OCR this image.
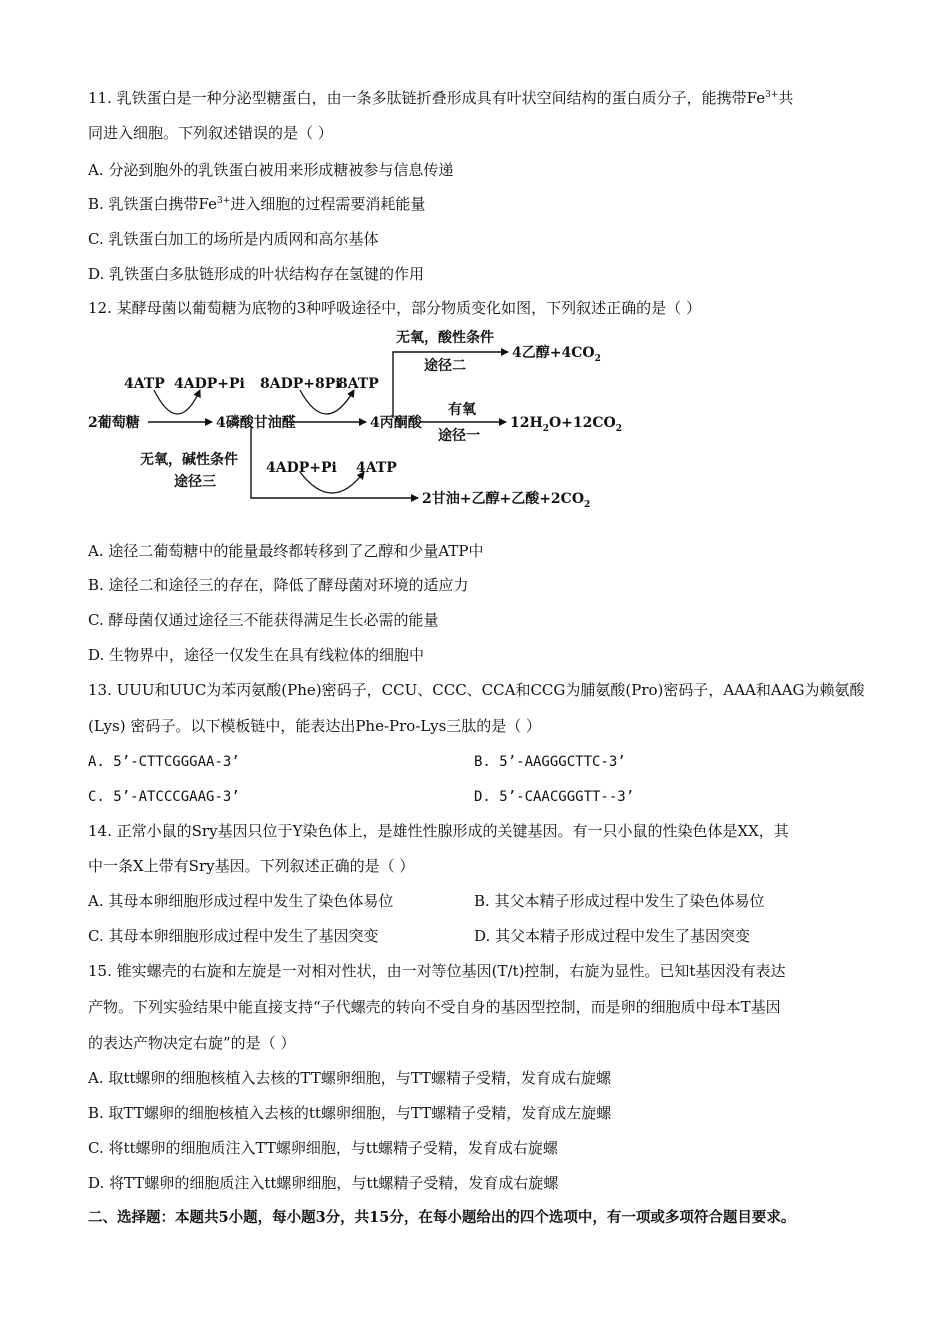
11. 乳铁蛋白是一种分泌型糖蛋白，由一条多肽链折叠形成具有叶状空间结构的蛋白质分子，能携带$Fe^{3+}$共
同进入细胞。下列叙述错误的是（ ）
A. 分泌到胞外的乳铁蛋白被用来形成糖被参与信息传递
B. 乳铁蛋白携带$Fe^{3+}$进入细胞的过程需要消耗能量
C. 乳铁蛋白加工的场所是内质网和高尔基体
D. 乳铁蛋白多肽链形成的叶状结构存在氢键的作用
12. 某酵母菌以葡萄糖为底物的3种呼吸途径中，部分物质变化如图，下列叙述正确的是（ ）
2葡萄糖	4磷酸甘油醛	4丙酮酸
4ATP 4ADP+Pi 8ADP+8Pi
8ATP
无氧，酸性条件
途径二
4乙醇$+4CO_2$
有氧
途径一
$12H_2O+12CO_2$
无氧，碱性条件
途径三
4ADP+Pi 4ATP
2甘油+乙醇+乙酸$+2CO_2$
A. 途径二葡萄糖中的能量最终都转移到了乙醇和少量ATP中
B. 途径二和途径三的存在，降低了酵母菌对环境的适应力
C. 酵母菌仅通过途径三不能获得满足生长必需的能量
D. 生物界中，途径一仅发生在具有线粒体的细胞中
13. UUU和UUC为苯丙氨酸(Phe)密码子，CCU、CCC、CCA和CCG为脯氨酸(Pro)密码子，AAA和AAG为赖氨酸
(Lys) 密码子。以下模板链中，能表达出Phe-Pro-Lys三肽的是（ ）
A. 5’-CTTCGGGAA-3’	B. 5’-AAGGGCTTC-3’
C. 5’-ATCCCGAAG-3’	D. 5’-CAACGGGTT--3’
14. 正常小鼠的Sry基因只位于Y染色体上，是雄性性腺形成的关键基因。有一只小鼠的性染色体是XX，其
中一条X上带有Sry基因。下列叙述正确的是（ ）
A. 其母本卵细胞形成过程中发生了染色体易位	B. 其父本精子形成过程中发生了染色体易位
C. 其母本卵细胞形成过程中发生了基因突变	D. 其父本精子形成过程中发生了基因突变
15. 锥实螺壳的右旋和左旋是一对相对性状，由一对等位基因(T/t)控制，右旋为显性。已知t基因没有表达
产物。下列实验结果中能直接支持“子代螺壳的转向不受自身的基因型控制，而是卵的细胞质中母本T基因
的表达产物决定右旋”的是（ ）
A. 取tt螺卵的细胞核植入去核的TT螺卵细胞，与TT螺精子受精，发育成右旋螺
B. 取TT螺卵的细胞核植入去核的tt螺卵细胞，与TT螺精子受精，发育成左旋螺
C. 将tt螺卵的细胞质注入TT螺卵细胞，与tt螺精子受精，发育成右旋螺
D. 将TT螺卵的细胞质注入tt螺卵细胞，与tt螺精子受精，发育成右旋螺
二、选择题：本题共5小题，每小题3分，共15分，在每小题给出的四个选项中，有一项或多项符合题目要求。
